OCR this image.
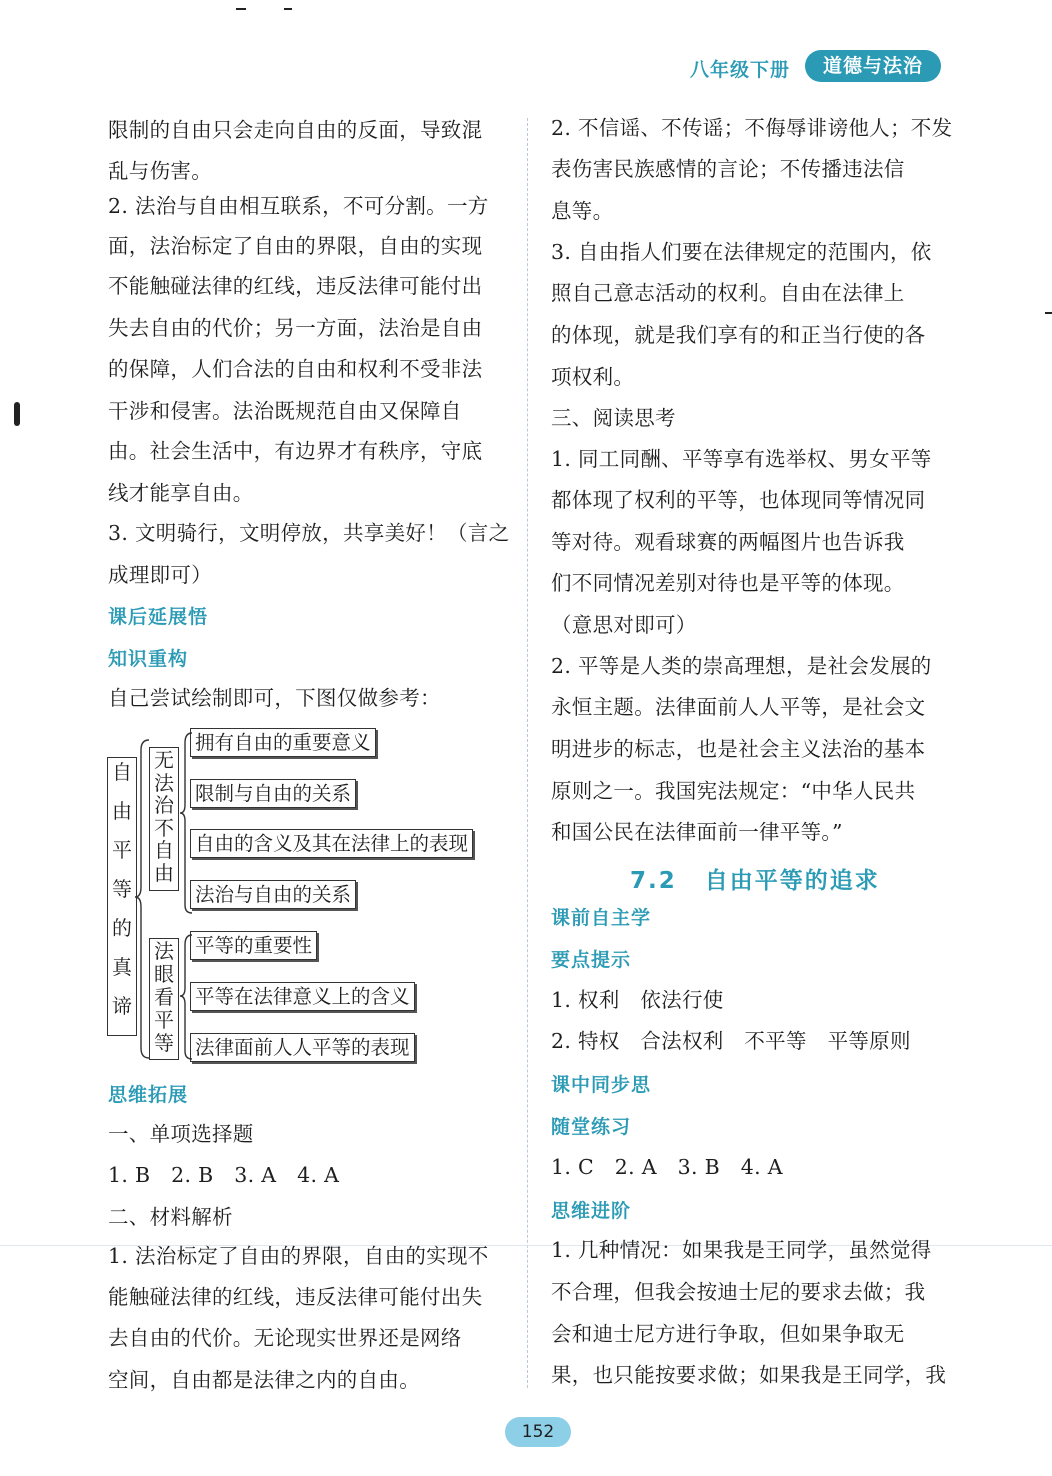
八年级下册	道德与法治
限制的自由只会走向自由的反面，导致混
乱与伤害。
2. 法治与自由相互联系，不可分割。一方
面，法治标定了自由的界限，自由的实现
不能触碰法律的红线，违反法律可能付出
失去自由的代价；另一方面，法治是自由
的保障，人们合法的自由和权利不受非法
干涉和侵害。法治既规范自由又保障自
由。社会生活中，有边界才有秩序，守底
线才能享自由。
3. 文明骑行，文明停放，共享美好！（言之
成理即可）
课后延展悟
知识重构
自己尝试绘制即可，下图仅做参考：
自
由
平
等
的
真
谛
无
法
治
不
自
由
法
眼
看
平
等
拥有自由的重要意义
限制与自由的关系
自由的含义及其在法律上的表现
法治与自由的关系
平等的重要性
平等在法律意义上的含义
法律面前人人平等的表现
思维拓展
一、单项选择题
1. B　2. B　3. A　4. A
二、材料解析
1. 法治标定了自由的界限，自由的实现不
能触碰法律的红线，违反法律可能付出失
去自由的代价。无论现实世界还是网络
空间，自由都是法律之内的自由。
2. 不信谣、不传谣；不侮辱诽谤他人；不发
表伤害民族感情的言论；不传播违法信
息等。
3. 自由指人们要在法律规定的范围内，依
照自己意志活动的权利。自由在法律上
的体现，就是我们享有的和正当行使的各
项权利。
三、阅读思考
1. 同工同酬、平等享有选举权、男女平等
都体现了权利的平等，也体现同等情况同
等对待。观看球赛的两幅图片也告诉我
们不同情况差别对待也是平等的体现。
（意思对即可）
2. 平等是人类的崇高理想，是社会发展的
永恒主题。法律面前人人平等，是社会文
明进步的标志，也是社会主义法治的基本
原则之一。我国宪法规定：“中华人民共
和国公民在法律面前一律平等。”
课前自主学
要点提示
1. 权利　依法行使
2. 特权　合法权利　不平等　平等原则
课中同步思
随堂练习
1. C　2. A　3. B　4. A
思维进阶
1. 几种情况：如果我是王同学，虽然觉得
不合理，但我会按迪士尼的要求去做；我
会和迪士尼方进行争取，但如果争取无
果，也只能按要求做；如果我是王同学，我
7.2 自由平等的追求
152
